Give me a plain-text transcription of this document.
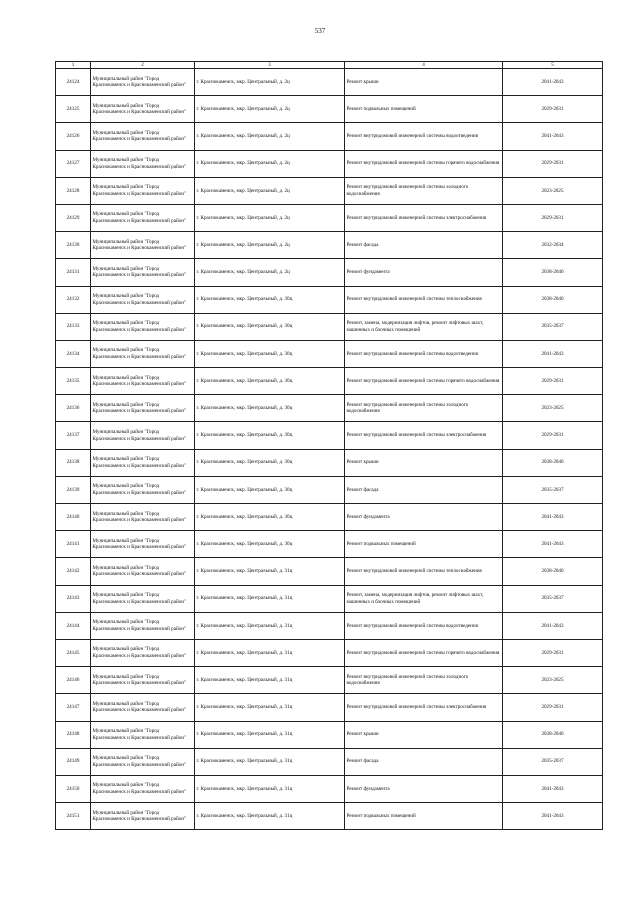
537
1	2	3	4	5
24124	Муниципальный район "Город Краснокаменск и Краснокаменский район"	г. Краснокаменск, мкр. Центральный, д. 2ц	Ремонт крыши	2041-2043
24125	Муниципальный район "Город Краснокаменск и Краснокаменский район"	г. Краснокаменск, мкр. Центральный, д. 2ц	Ремонт подвальных помещений	2029-2031
24126	Муниципальный район "Город Краснокаменск и Краснокаменский район"	г. Краснокаменск, мкр. Центральный, д. 2ц	Ремонт внутридомовой инженерной системы водоотведения	2041-2043
24127	Муниципальный район "Город Краснокаменск и Краснокаменский район"	г. Краснокаменск, мкр. Центральный, д. 2ц	Ремонт внутридомовой инженерной системы горячего водоснабжения	2029-2031
24128	Муниципальный район "Город Краснокаменск и Краснокаменский район"	г. Краснокаменск, мкр. Центральный, д. 2ц	Ремонт внутридомовой инженерной системы холодного водоснабжения	2023-2025
24129	Муниципальный район "Город Краснокаменск и Краснокаменский район"	г. Краснокаменск, мкр. Центральный, д. 2ц	Ремонт внутридомовой инженерной системы электроснабжения	2029-2031
24130	Муниципальный район "Город Краснокаменск и Краснокаменский район"	г. Краснокаменск, мкр. Центральный, д. 2ц	Ремонт фасада	2032-2034
24131	Муниципальный район "Город Краснокаменск и Краснокаменский район"	г. Краснокаменск, мкр. Центральный, д. 2ц	Ремонт фундамента	2038-2040
24132	Муниципальный район "Город Краснокаменск и Краснокаменский район"	г. Краснокаменск, мкр. Центральный, д. 30ц	Ремонт внутридомовой инженерной системы теплоснабжения	2038-2040
24133	Муниципальный район "Город Краснокаменск и Краснокаменский район"	г. Краснокаменск, мкр. Центральный, д. 30ц	Ремонт, замена, модернизация лифтов, ремонт лифтовых шахт, машинных и блочных помещений	2035-2037
24134	Муниципальный район "Город Краснокаменск и Краснокаменский район"	г. Краснокаменск, мкр. Центральный, д. 30ц	Ремонт внутридомовой инженерной системы водоотведения	2041-2043
24135	Муниципальный район "Город Краснокаменск и Краснокаменский район"	г. Краснокаменск, мкр. Центральный, д. 30ц	Ремонт внутридомовой инженерной системы горячего водоснабжения	2029-2031
24136	Муниципальный район "Город Краснокаменск и Краснокаменский район"	г. Краснокаменск, мкр. Центральный, д. 30ц	Ремонт внутридомовой инженерной системы холодного водоснабжения	2023-2025
24137	Муниципальный район "Город Краснокаменск и Краснокаменский район"	г. Краснокаменск, мкр. Центральный, д. 30ц	Ремонт внутридомовой инженерной системы электроснабжения	2029-2031
24138	Муниципальный район "Город Краснокаменск и Краснокаменский район"	г. Краснокаменск, мкр. Центральный, д. 30ц	Ремонт крыши	2038-2040
24139	Муниципальный район "Город Краснокаменск и Краснокаменский район"	г. Краснокаменск, мкр. Центральный, д. 30ц	Ремонт фасада	2035-2037
24140	Муниципальный район "Город Краснокаменск и Краснокаменский район"	г. Краснокаменск, мкр. Центральный, д. 30ц	Ремонт фундамента	2041-2043
24141	Муниципальный район "Город Краснокаменск и Краснокаменский район"	г. Краснокаменск, мкр. Центральный, д. 30ц	Ремонт подвальных помещений	2041-2043
24142	Муниципальный район "Город Краснокаменск и Краснокаменский район"	г. Краснокаменск, мкр. Центральный, д. 31ц	Ремонт внутридомовой инженерной системы теплоснабжения	2038-2040
24143	Муниципальный район "Город Краснокаменск и Краснокаменский район"	г. Краснокаменск, мкр. Центральный, д. 31ц	Ремонт, замена, модернизация лифтов, ремонт лифтовых шахт, машинных и блочных помещений	2035-2037
24144	Муниципальный район "Город Краснокаменск и Краснокаменский район"	г. Краснокаменск, мкр. Центральный, д. 31ц	Ремонт внутридомовой инженерной системы водоотведения	2041-2043
24145	Муниципальный район "Город Краснокаменск и Краснокаменский район"	г. Краснокаменск, мкр. Центральный, д. 31ц	Ремонт внутридомовой инженерной системы горячего водоснабжения	2029-2031
24146	Муниципальный район "Город Краснокаменск и Краснокаменский район"	г. Краснокаменск, мкр. Центральный, д. 31ц	Ремонт внутридомовой инженерной системы холодного водоснабжения	2023-2025
24147	Муниципальный район "Город Краснокаменск и Краснокаменский район"	г. Краснокаменск, мкр. Центральный, д. 31ц	Ремонт внутридомовой инженерной системы электроснабжения	2029-2031
24148	Муниципальный район "Город Краснокаменск и Краснокаменский район"	г. Краснокаменск, мкр. Центральный, д. 31ц	Ремонт крыши	2038-2040
24149	Муниципальный район "Город Краснокаменск и Краснокаменский район"	г. Краснокаменск, мкр. Центральный, д. 31ц	Ремонт фасада	2035-2037
24150	Муниципальный район "Город Краснокаменск и Краснокаменский район"	г. Краснокаменск, мкр. Центральный, д. 31ц	Ремонт фундамента	2041-2043
24151	Муниципальный район "Город Краснокаменск и Краснокаменский район"	г. Краснокаменск, мкр. Центральный, д. 31ц	Ремонт подвальных помещений	2041-2043
